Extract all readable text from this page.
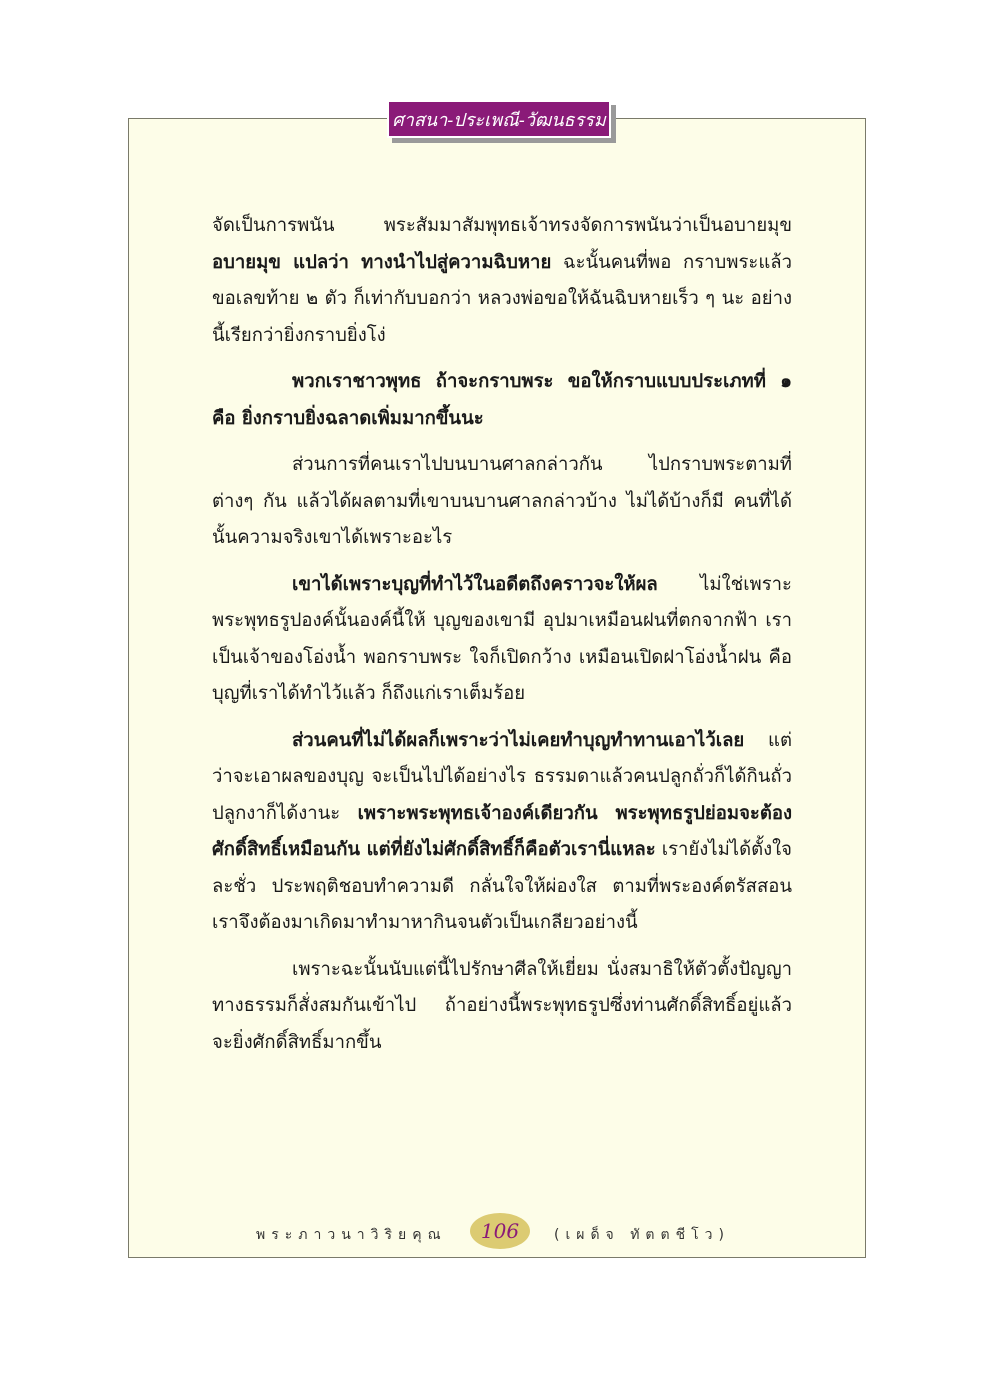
ศาสนา-ประเพณี-วัฒนธรรม

จัดเป็นการพนัน พระสัมมาสัมพุทธเจ้าทรงจัดการพนันว่าเป็นอบายมุข อบายมุข แปลว่า ทางนำไปสู่ความฉิบหาย ฉะนั้นคนที่พอ กราบพระแล้วขอเลขท้าย ๒ ตัว ก็เท่ากับบอกว่า หลวงพ่อขอให้ฉันฉิบหายเร็ว ๆ นะ อย่างนี้เรียกว่ายิ่งกราบยิ่งโง่

พวกเราชาวพุทธ ถ้าจะกราบพระ ขอให้กราบแบบประเภทที่ ๑ คือ ยิ่งกราบยิ่งฉลาดเพิ่มมากขึ้นนะ

ส่วนการที่คนเราไปบนบานศาลกล่าวกัน ไปกราบพระตามที่ต่างๆ กัน แล้วได้ผลตามที่เขาบนบานศาลกล่าวบ้าง ไม่ได้บ้างก็มี คนที่ได้นั้นความจริงเขาได้เพราะอะไร

เขาได้เพราะบุญที่ทำไว้ในอดีตถึงคราวจะให้ผล ไม่ใช่เพราะพระพุทธรูปองค์นั้นองค์นี้ให้ บุญของเขามี อุปมาเหมือนฝนที่ตกจากฟ้า เราเป็นเจ้าของโอ่งน้ำ พอกราบพระ ใจก็เปิดกว้าง เหมือนเปิดฝาโอ่งน้ำฝน คือบุญที่เราได้ทำไว้แล้ว ก็ถึงแก่เราเต็มร้อย

ส่วนคนที่ไม่ได้ผลก็เพราะว่าไม่เคยทำบุญทำทานเอาไว้เลย แต่ว่าจะเอาผลของบุญ จะเป็นไปได้อย่างไร ธรรมดาแล้วคนปลูกถั่วก็ได้กินถั่ว ปลูกงาก็ได้งานะ เพราะพระพุทธเจ้าองค์เดียวกัน พระพุทธรูปย่อมจะต้องศักดิ์สิทธิ์เหมือนกัน แต่ที่ยังไม่ศักดิ์สิทธิ์ก็คือตัวเรานี่แหละ เรายังไม่ได้ตั้งใจละชั่ว ประพฤติชอบทำความดี กลั่นใจให้ผ่องใส ตามที่พระองค์ตรัสสอน เราจึงต้องมาเกิดมาทำมาหากินจนตัวเป็นเกลียวอย่างนี้

เพราะฉะนั้นนับแต่นี้ไปรักษาศีลให้เยี่ยม นั่งสมาธิให้ตัวตั้งปัญญาทางธรรมก็สั่งสมกันเข้าไป ถ้าอย่างนี้พระพุทธรูปซึ่งท่านศักดิ์สิทธิ์อยู่แล้ว จะยิ่งศักดิ์สิทธิ์มากขึ้น

พระภาวนาวิริยคุณ 106 (เผด็จ ทัตตชีโว)
